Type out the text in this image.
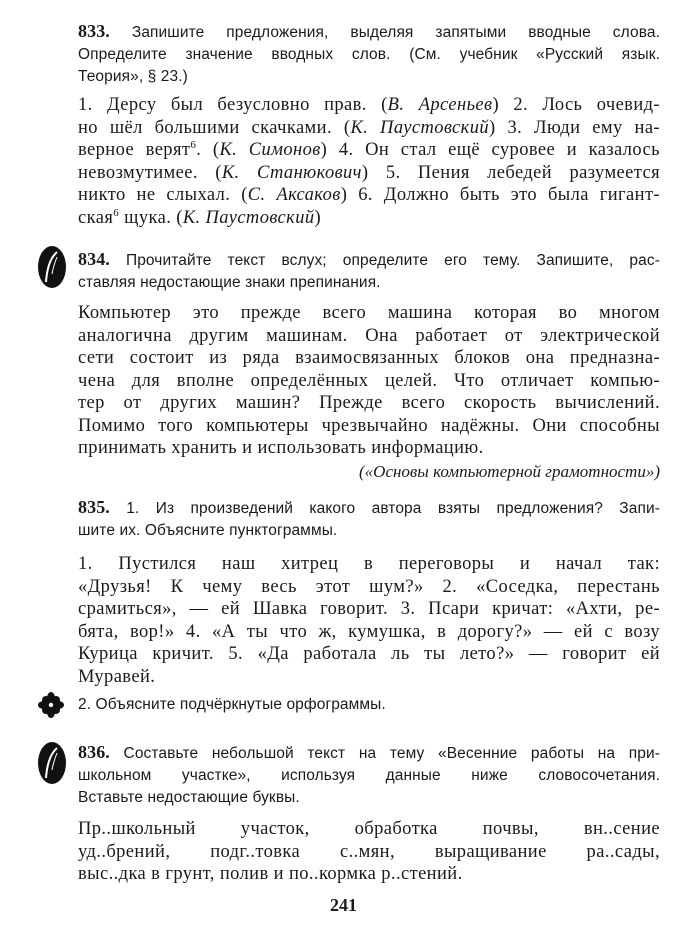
833. Запишите предложения, выделяя запятыми вводные слова.
Определите значение вводных слов. (См. учебник «Русский язык.
Теория», § 23.)
1. Дерсу был безусловно прав. (В. Арсеньев) 2. Лось очевид-
но шёл большими скачками. (К. Паустовский) 3. Люди ему на-
верное верят$^6$. (К. Симонов) 4. Он стал ещё суровее и казалось
невозмутимее. (К. Станюкович) 5. Пения лебедей разумеется
никто не слыхал. (С. Аксаков) 6. Должно быть это была гигант-
ская$^6$ щука. (К. Паустовский)
834. Прочитайте текст вслух; определите его тему. Запишите, рас-
ставляя недостающие знаки препинания.
Компьютер это прежде всего машина которая во многом
аналогична другим машинам. Она работает от электрической
сети состоит из ряда взаимосвязанных блоков она предназна-
чена для вполне определённых целей. Что отличает компью-
тер от других машин? Прежде всего скорость вычислений.
Помимо того компьютеры чрезвычайно надёжны. Они способны
принимать хранить и использовать информацию.
(«Основы компьютерной грамотности»)
835. 1. Из произведений какого автора взяты предложения? Запи-
шите их. Объясните пунктограммы.
1. Пустился наш хитрец в переговоры и начал так:
«Друзья! К чему весь этот шум?» 2. «Соседка, перестань
срамиться», — ей Шавка говорит. 3. Псари кричат: «Ахти, ре-
бята, вор!» 4. «А ты что ж, кумушка, в дорогу?» — ей с возу
Курица кричит. 5. «Да работала ль ты лето?» — говорит ей
Муравей.
2. Объясните подчёркнутые орфограммы.
836. Составьте небольшой текст на тему «Весенние работы на при-
школьном участке», используя данные ниже словосочетания.
Вставьте недостающие буквы.
Пр..школьный участок, обработка почвы, вн..сение
уд..брений, подг..товка с..мян, выращивание ра..сады,
выс..дка в грунт, полив и по..кормка р..стений.
241
